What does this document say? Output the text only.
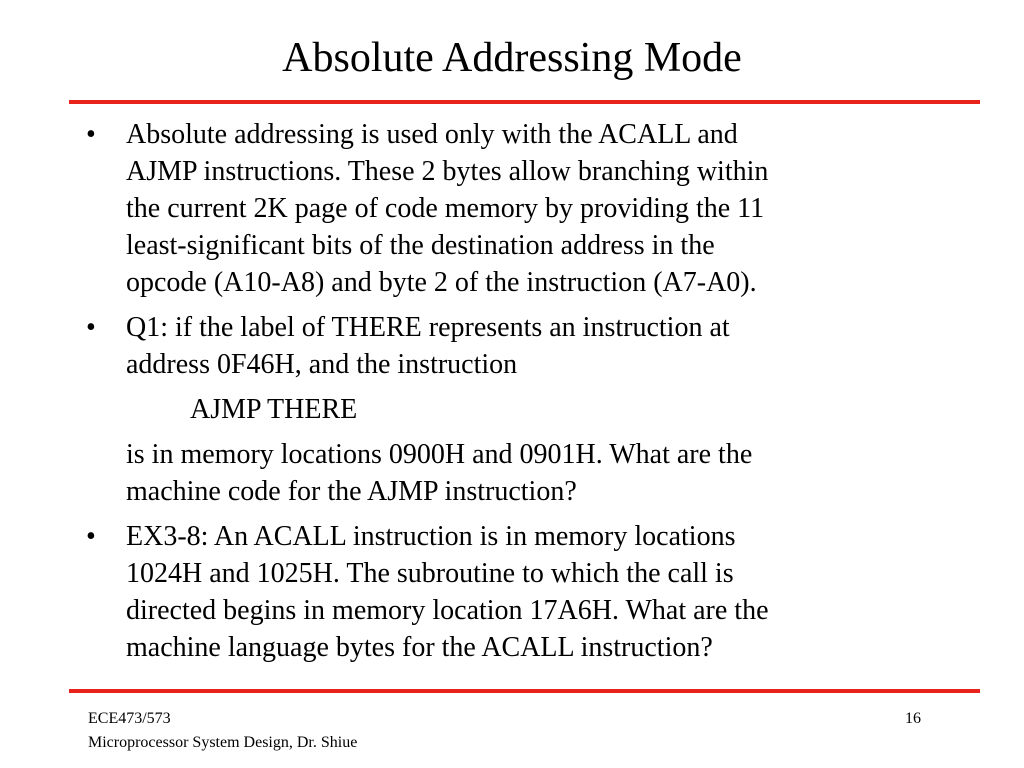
Absolute Addressing Mode
• Absolute addressing is used only with the ACALL and
AJMP instructions. These 2 bytes allow branching within
the current 2K page of code memory by providing the 11
least-significant bits of the destination address in the
opcode (A10-A8) and byte 2 of the instruction (A7-A0).
• Q1: if the label of THERE represents an instruction at
address 0F46H, and the instruction
AJMP THERE
is in memory locations 0900H and 0901H. What are the
machine code for the AJMP instruction?
• EX3-8: An ACALL instruction is in memory locations
1024H and 1025H. The subroutine to which the call is
directed begins in memory location 17A6H. What are the
machine language bytes for the ACALL instruction?
ECE473/573
Microprocessor System Design, Dr. Shiue
16
